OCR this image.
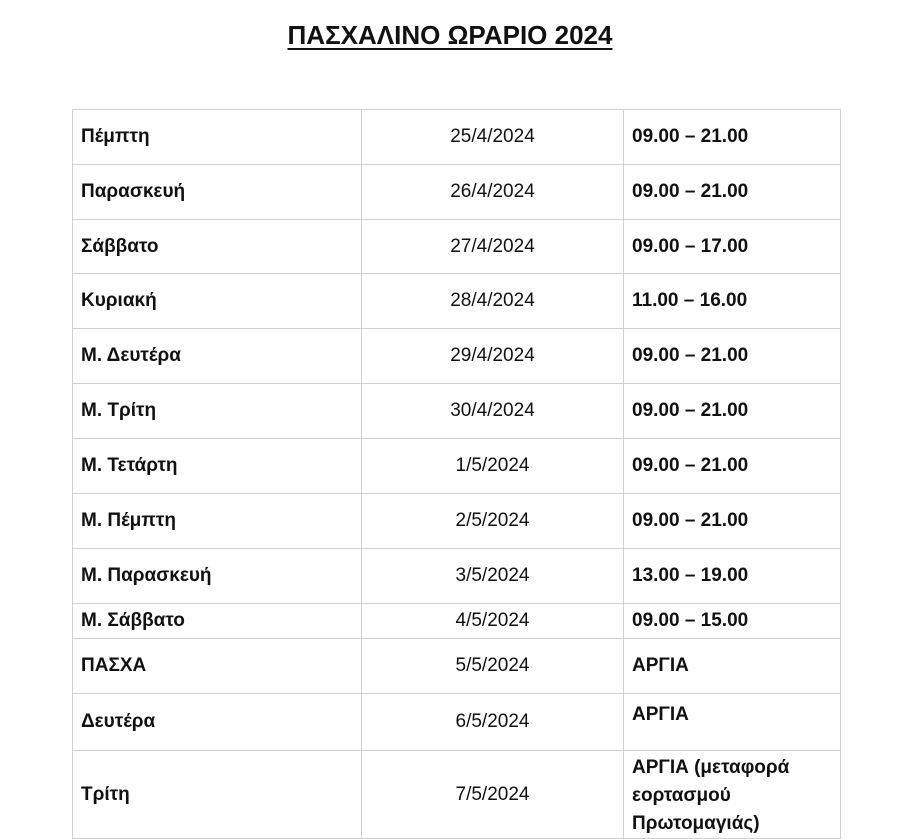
ΠΑΣΧΑΛΙΝΟ ΩΡΑΡΙΟ 2024
Πέμπτη	25/4/2024	09.00 – 21.00
Παρασκευή	26/4/2024	09.00 – 21.00
Σάββατο	27/4/2024	09.00 – 17.00
Κυριακή	28/4/2024	11.00 – 16.00
Μ. Δευτέρα	29/4/2024	09.00 – 21.00
Μ. Τρίτη	30/4/2024	09.00 – 21.00
Μ. Τετάρτη	1/5/2024	09.00 – 21.00
Μ. Πέμπτη	2/5/2024	09.00 – 21.00
Μ. Παρασκευή	3/5/2024	13.00 – 19.00
Μ. Σάββατο	4/5/2024	09.00 – 15.00
ΠΑΣΧΑ	5/5/2024	ΑΡΓΙΑ
Δευτέρα	6/5/2024	ΑΡΓΙΑ
Τρίτη	7/5/2024	ΑΡΓΙΑ (μεταφορά εορτασμού Πρωτομαγιάς)
